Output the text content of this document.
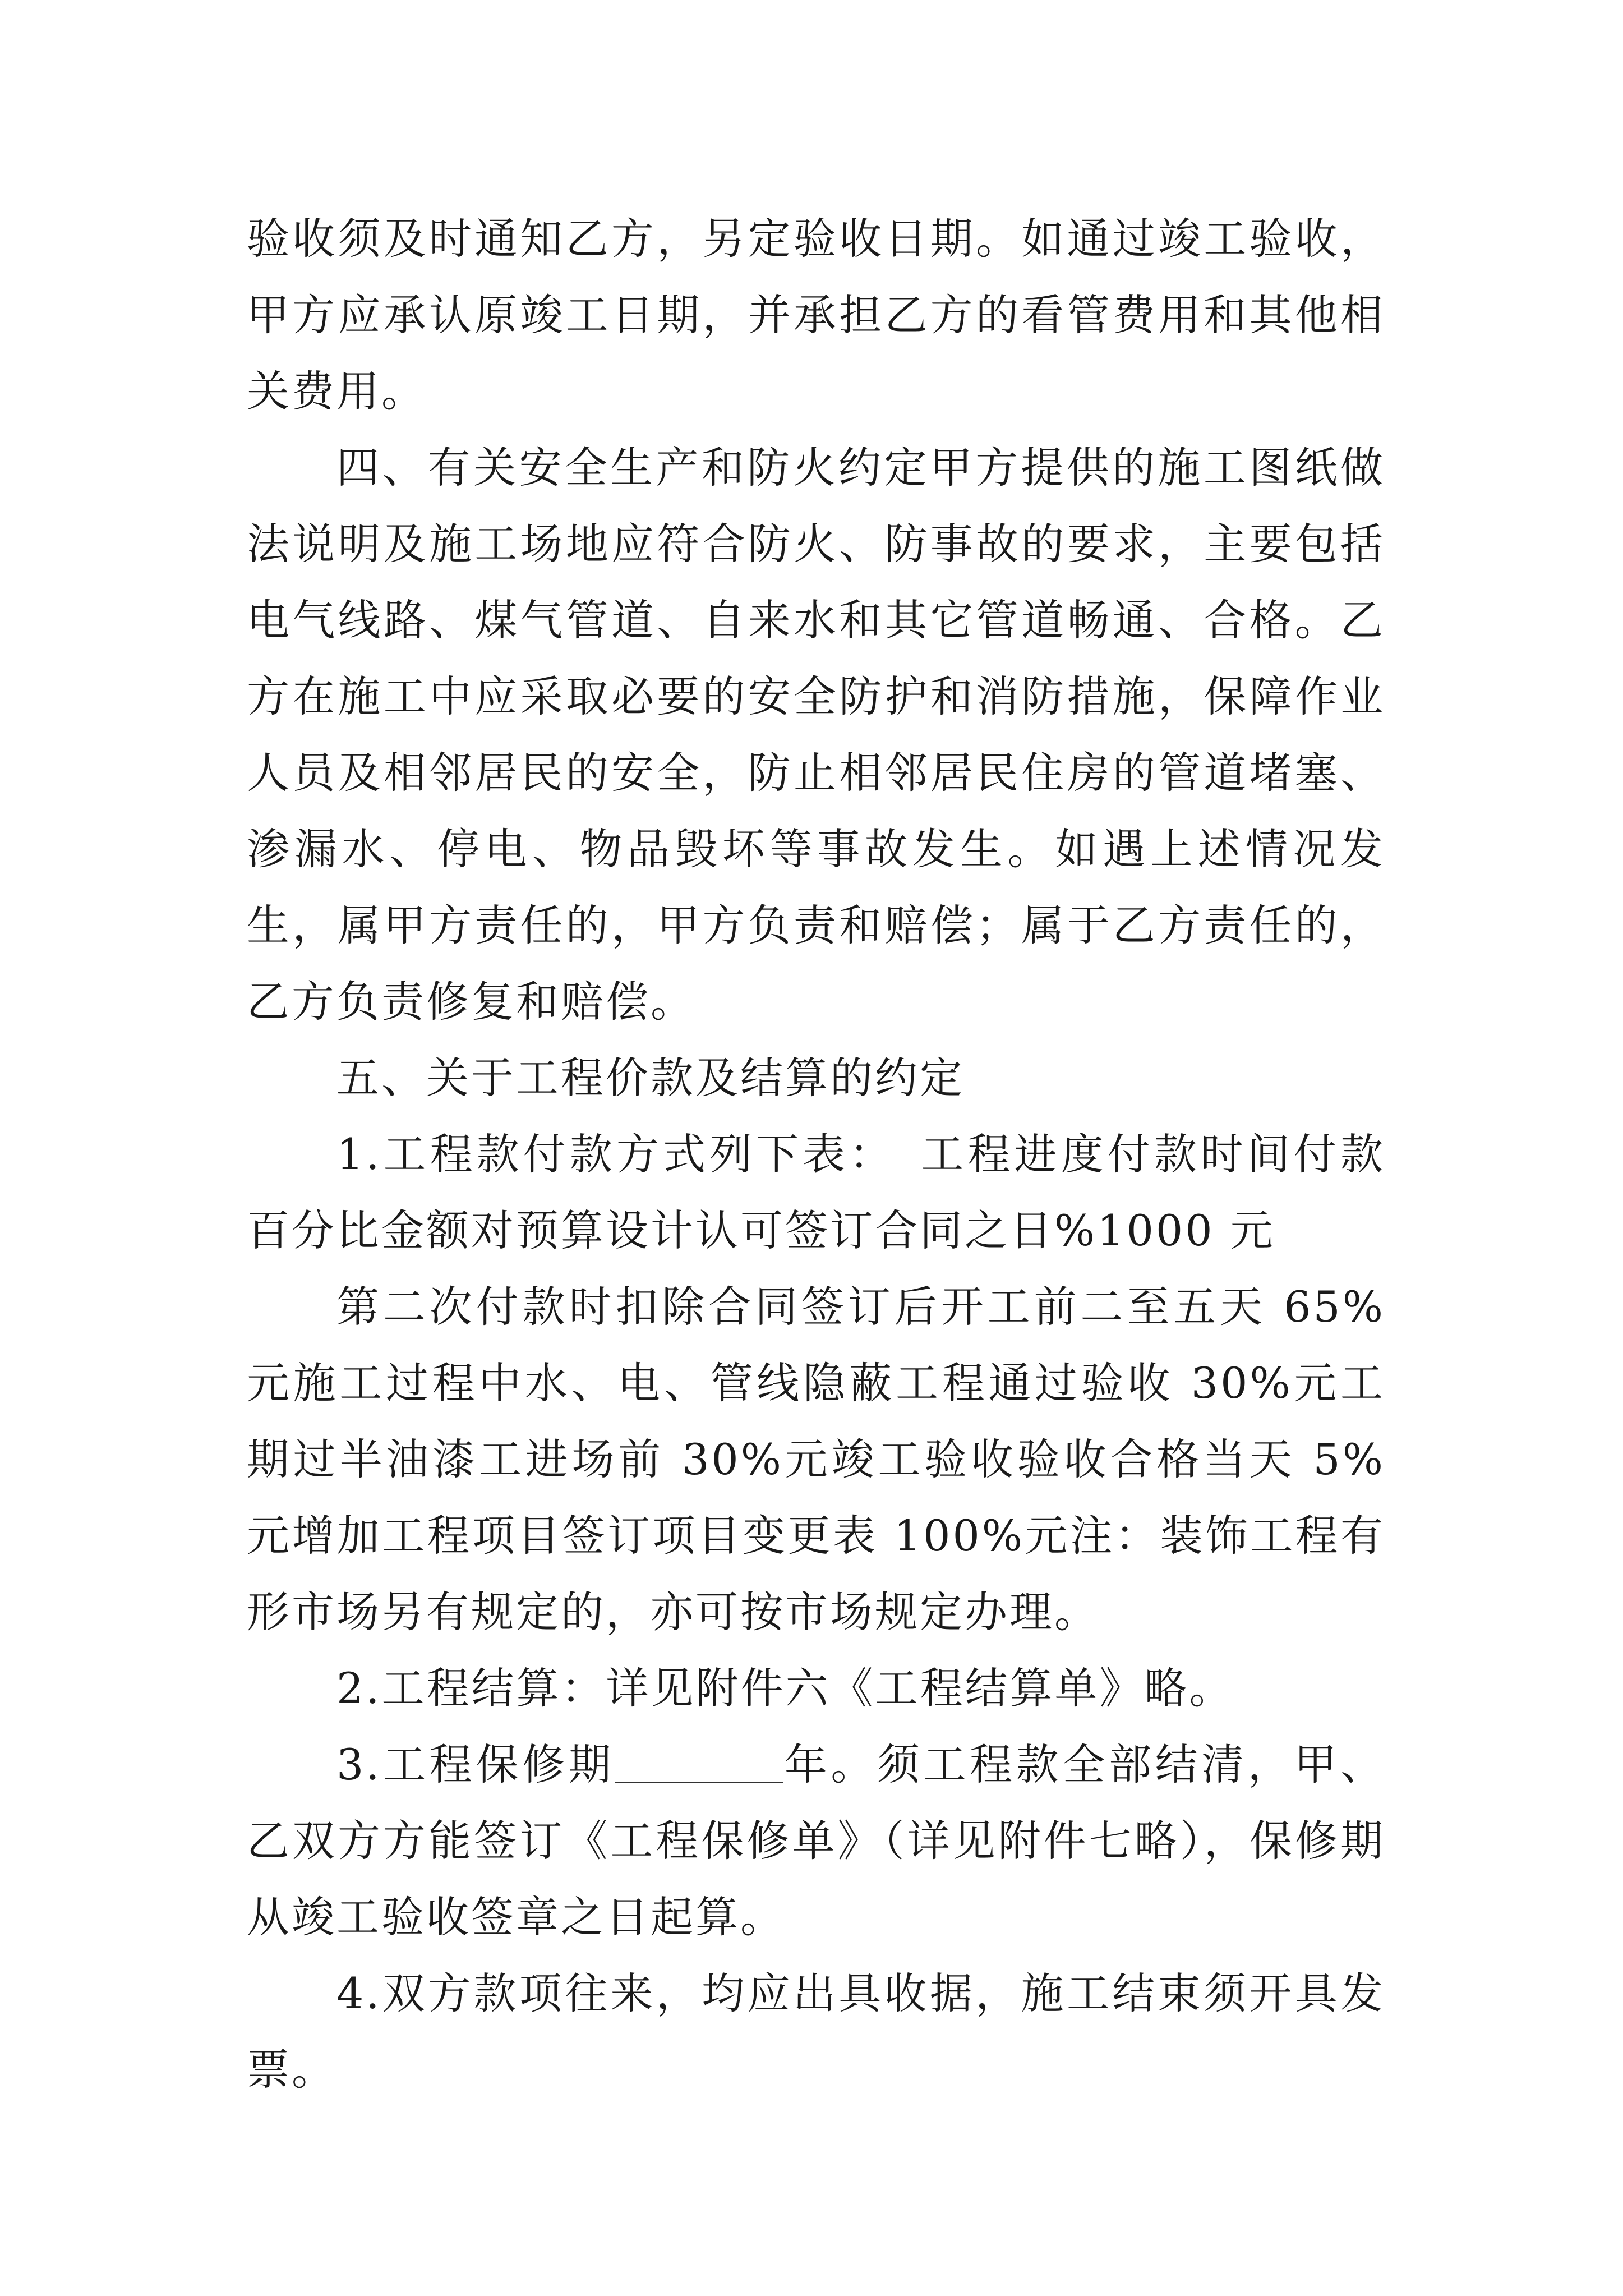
验收须及时通知乙方，另定验收日期。如通过竣工验收，甲方应承认原竣工日期，并承担乙方的看管费用和其他相关费用。

四、有关安全生产和防火约定甲方提供的施工图纸做法说明及施工场地应符合防火、防事故的要求，主要包括电气线路、煤气管道、自来水和其它管道畅通、合格。乙方在施工中应采取必要的安全防护和消防措施，保障作业人员及相邻居民的安全，防止相邻居民住房的管道堵塞、渗漏水、停电、物品毁坏等事故发生。如遇上述情况发生，属甲方责任的，甲方负责和赔偿；属于乙方责任的，乙方负责修复和赔偿。

五、关于工程价款及结算的约定

1.工程款付款方式列下表：　工程进度付款时间付款百分比金额对预算设计认可签订合同之日%1000 元

第二次付款时扣除合同签订后开工前二至五天 65%元施工过程中水、电、管线隐蔽工程通过验收 30%元工期过半油漆工进场前 30%元竣工验收验收合格当天 5%元增加工程项目签订项目变更表 100%元注：装饰工程有形市场另有规定的，亦可按市场规定办理。

2.工程结算：详见附件六《工程结算单》略。

3.工程保修期	年。须工程款全部结清，甲、乙双方方能签订《工程保修单》（详见附件七略），保修期从竣工验收签章之日起算。

4.双方款项往来，均应出具收据，施工结束须开具发票。
